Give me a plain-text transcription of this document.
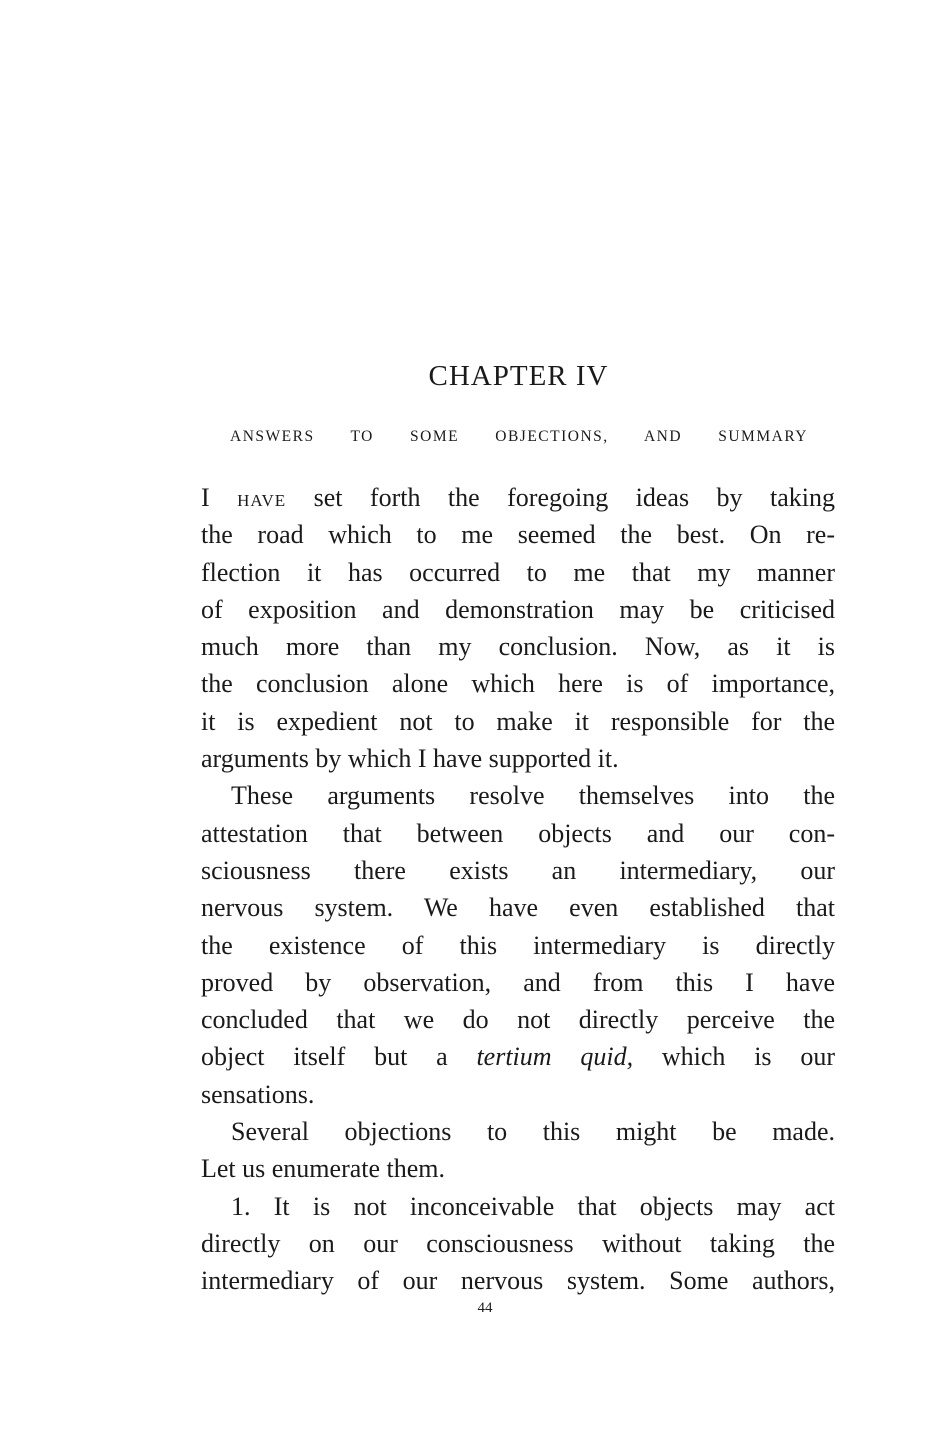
CHAPTER IV
ANSWERS TO SOME OBJECTIONS, AND SUMMARY
I have set forth the foregoing ideas by taking
the road which to me seemed the best. On re-
flection it has occurred to me that my manner
of exposition and demonstration may be criticised
much more than my conclusion. Now, as it is
the conclusion alone which here is of importance,
it is expedient not to make it responsible for the
arguments by which I have supported it.
These arguments resolve themselves into the
attestation that between objects and our con-
sciousness there exists an intermediary, our
nervous system. We have even established that
the existence of this intermediary is directly
proved by observation, and from this I have
concluded that we do not directly perceive the
object itself but a tertium quid, which is our
sensations.
Several objections to this might be made.
Let us enumerate them.
1. It is not inconceivable that objects may act
directly on our consciousness without taking the
intermediary of our nervous system. Some authors,
44
